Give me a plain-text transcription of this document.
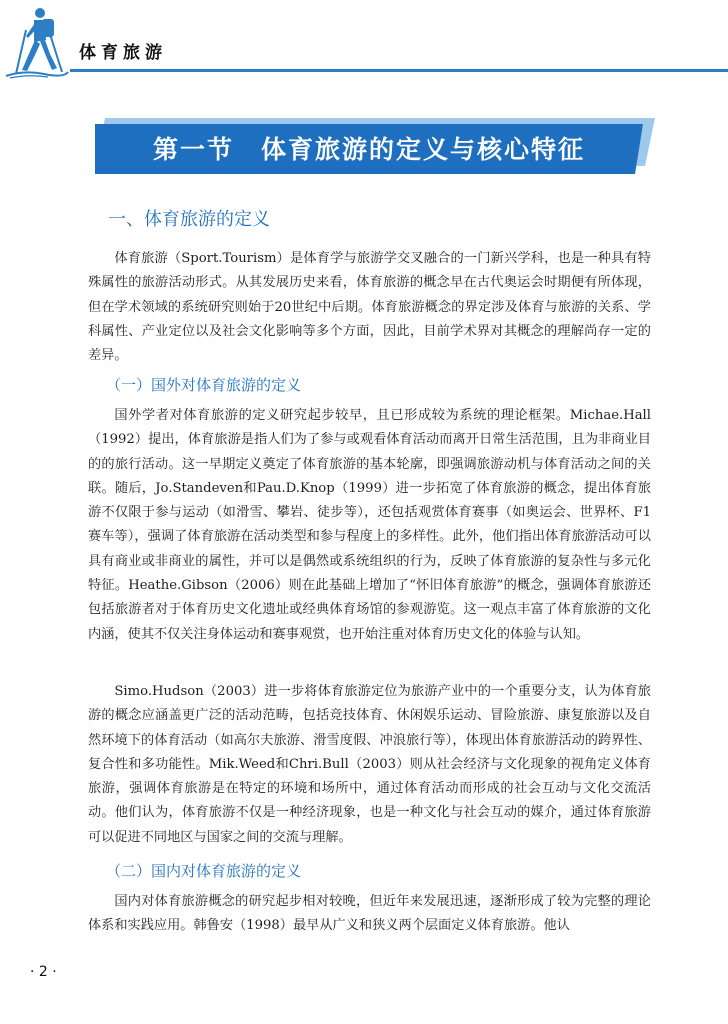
体育旅游
第一节　体育旅游的定义与核心特征
一、体育旅游的定义

体育旅游（Sport.Tourism）是体育学与旅游学交叉融合的一门新兴学科，也是一种具有特殊属性的旅游活动形式。从其发展历史来看，体育旅游的概念早在古代奥运会时期便有所体现，但在学术领域的系统研究则始于20世纪中后期。体育旅游概念的界定涉及体育与旅游的关系、学科属性、产业定位以及社会文化影响等多个方面，因此，目前学术界对其概念的理解尚存一定的差异。

（一）国外对体育旅游的定义

国外学者对体育旅游的定义研究起步较早，且已形成较为系统的理论框架。Michae.Hall（1992）提出，体育旅游是指人们为了参与或观看体育活动而离开日常生活范围，且为非商业目的的旅行活动。这一早期定义奠定了体育旅游的基本轮廓，即强调旅游动机与体育活动之间的关联。随后，Jo.Standeven和Pau.D.Knop（1999）进一步拓宽了体育旅游的概念，提出体育旅游不仅限于参与运动（如滑雪、攀岩、徒步等），还包括观赏体育赛事（如奥运会、世界杯、F1赛车等），强调了体育旅游在活动类型和参与程度上的多样性。此外，他们指出体育旅游活动可以具有商业或非商业的属性，并可以是偶然或系统组织的行为，反映了体育旅游的复杂性与多元化特征。Heathe.Gibson（2006）则在此基础上增加了“怀旧体育旅游”的概念，强调体育旅游还包括旅游者对于体育历史文化遗址或经典体育场馆的参观游览。这一观点丰富了体育旅游的文化内涵，使其不仅关注身体运动和赛事观赏，也开始注重对体育历史文化的体验与认知。

Simo.Hudson（2003）进一步将体育旅游定位为旅游产业中的一个重要分支，认为体育旅游的概念应涵盖更广泛的活动范畴，包括竞技体育、休闲娱乐运动、冒险旅游、康复旅游以及自然环境下的体育活动（如高尔夫旅游、滑雪度假、冲浪旅行等），体现出体育旅游活动的跨界性、复合性和多功能性。Mik.Weed和Chri.Bull（2003）则从社会经济与文化现象的视角定义体育旅游，强调体育旅游是在特定的环境和场所中，通过体育活动而形成的社会互动与文化交流活动。他们认为，体育旅游不仅是一种经济现象，也是一种文化与社会互动的媒介，通过体育旅游可以促进不同地区与国家之间的交流与理解。

（二）国内对体育旅游的定义

国内对体育旅游概念的研究起步相对较晚，但近年来发展迅速，逐渐形成了较为完整的理论体系和实践应用。韩鲁安（1998）最早从广义和狭义两个层面定义体育旅游。他认

· 2 ·
